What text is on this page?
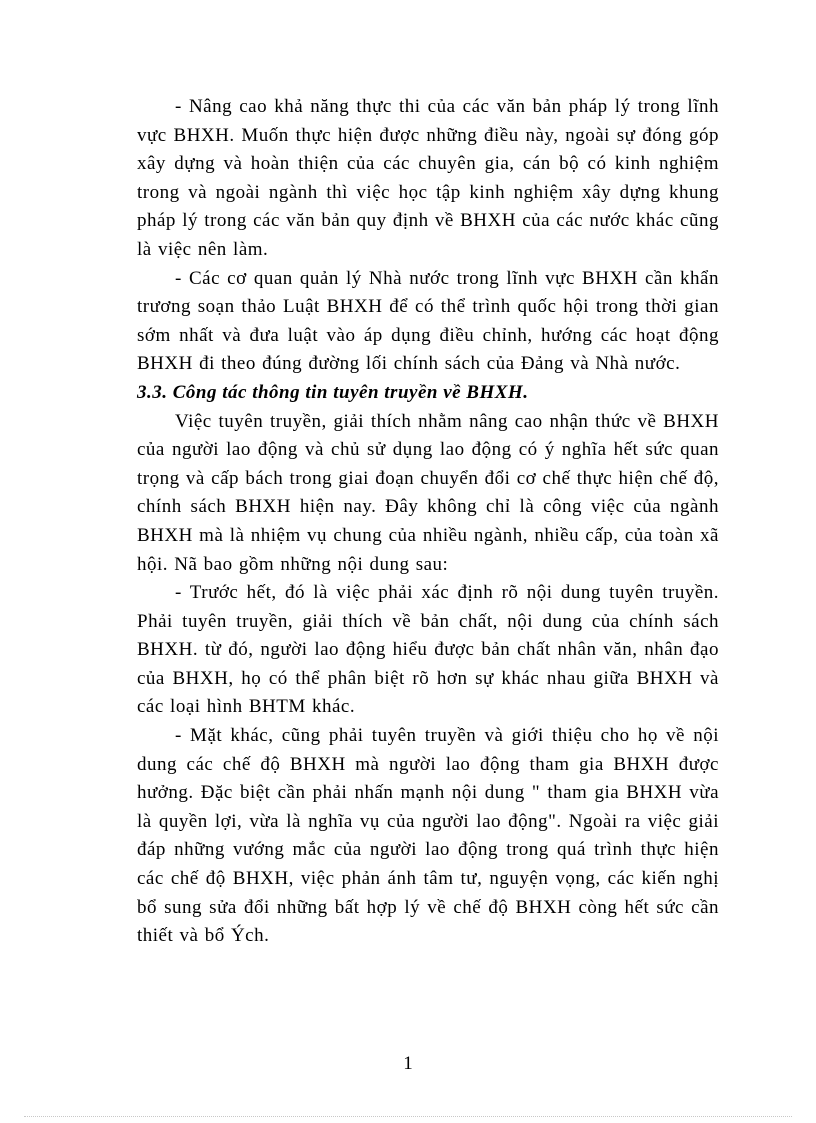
- Nâng cao khả năng thực thi của các văn bản pháp lý trong lĩnh vực BHXH. Muốn thực hiện được những điều này, ngoài sự đóng góp xây dựng và hoàn thiện của các chuyên gia, cán bộ có kinh nghiệm trong và ngoài ngành thì việc học tập kinh nghiệm xây dựng khung pháp lý trong các văn bản quy định về BHXH của các nước khác cũng là việc nên làm.

- Các cơ quan quản lý Nhà nước trong lĩnh vực BHXH cần khẩn trương soạn thảo Luật BHXH để có thể trình quốc hội trong thời gian sớm nhất và đưa luật vào áp dụng điều chỉnh, hướng các hoạt động BHXH đi theo đúng đường lối chính sách của Đảng và Nhà nước.

3.3. Công tác thông tin tuyên truyền về BHXH.

Việc tuyên truyền, giải thích nhằm nâng cao nhận thức về BHXH của người lao động và chủ sử dụng lao động có ý nghĩa hết sức quan trọng và cấp bách trong giai đoạn chuyển đổi cơ chế thực hiện chế độ, chính sách BHXH hiện nay. Đây không chỉ là công việc của ngành BHXH mà là nhiệm vụ chung của nhiều ngành, nhiều cấp, của toàn xã hội. Nã bao gồm những nội dung sau:

- Trước hết, đó là việc phải xác định rõ nội dung tuyên truyền. Phải tuyên truyền, giải thích về bản chất, nội dung của chính sách BHXH. từ đó, người lao động hiểu được bản chất nhân văn, nhân đạo của BHXH, họ có thể phân biệt rõ hơn sự khác nhau giữa BHXH và các loại hình BHTM khác.

- Mặt khác, cũng phải tuyên truyền và giới thiệu cho họ về nội dung các chế độ BHXH mà người lao động tham gia BHXH được hưởng. Đặc biệt cần phải nhấn mạnh nội dung " tham gia BHXH vừa là quyền lợi, vừa là nghĩa vụ của người lao động". Ngoài ra việc giải đáp những vướng mắc của người lao động trong quá trình thực hiện các chế độ BHXH, việc phản ánh tâm tư, nguyện vọng, các kiến nghị bổ sung sửa đổi những bất hợp lý về chế độ BHXH còng hết sức cần thiết và bổ Ých.

1
